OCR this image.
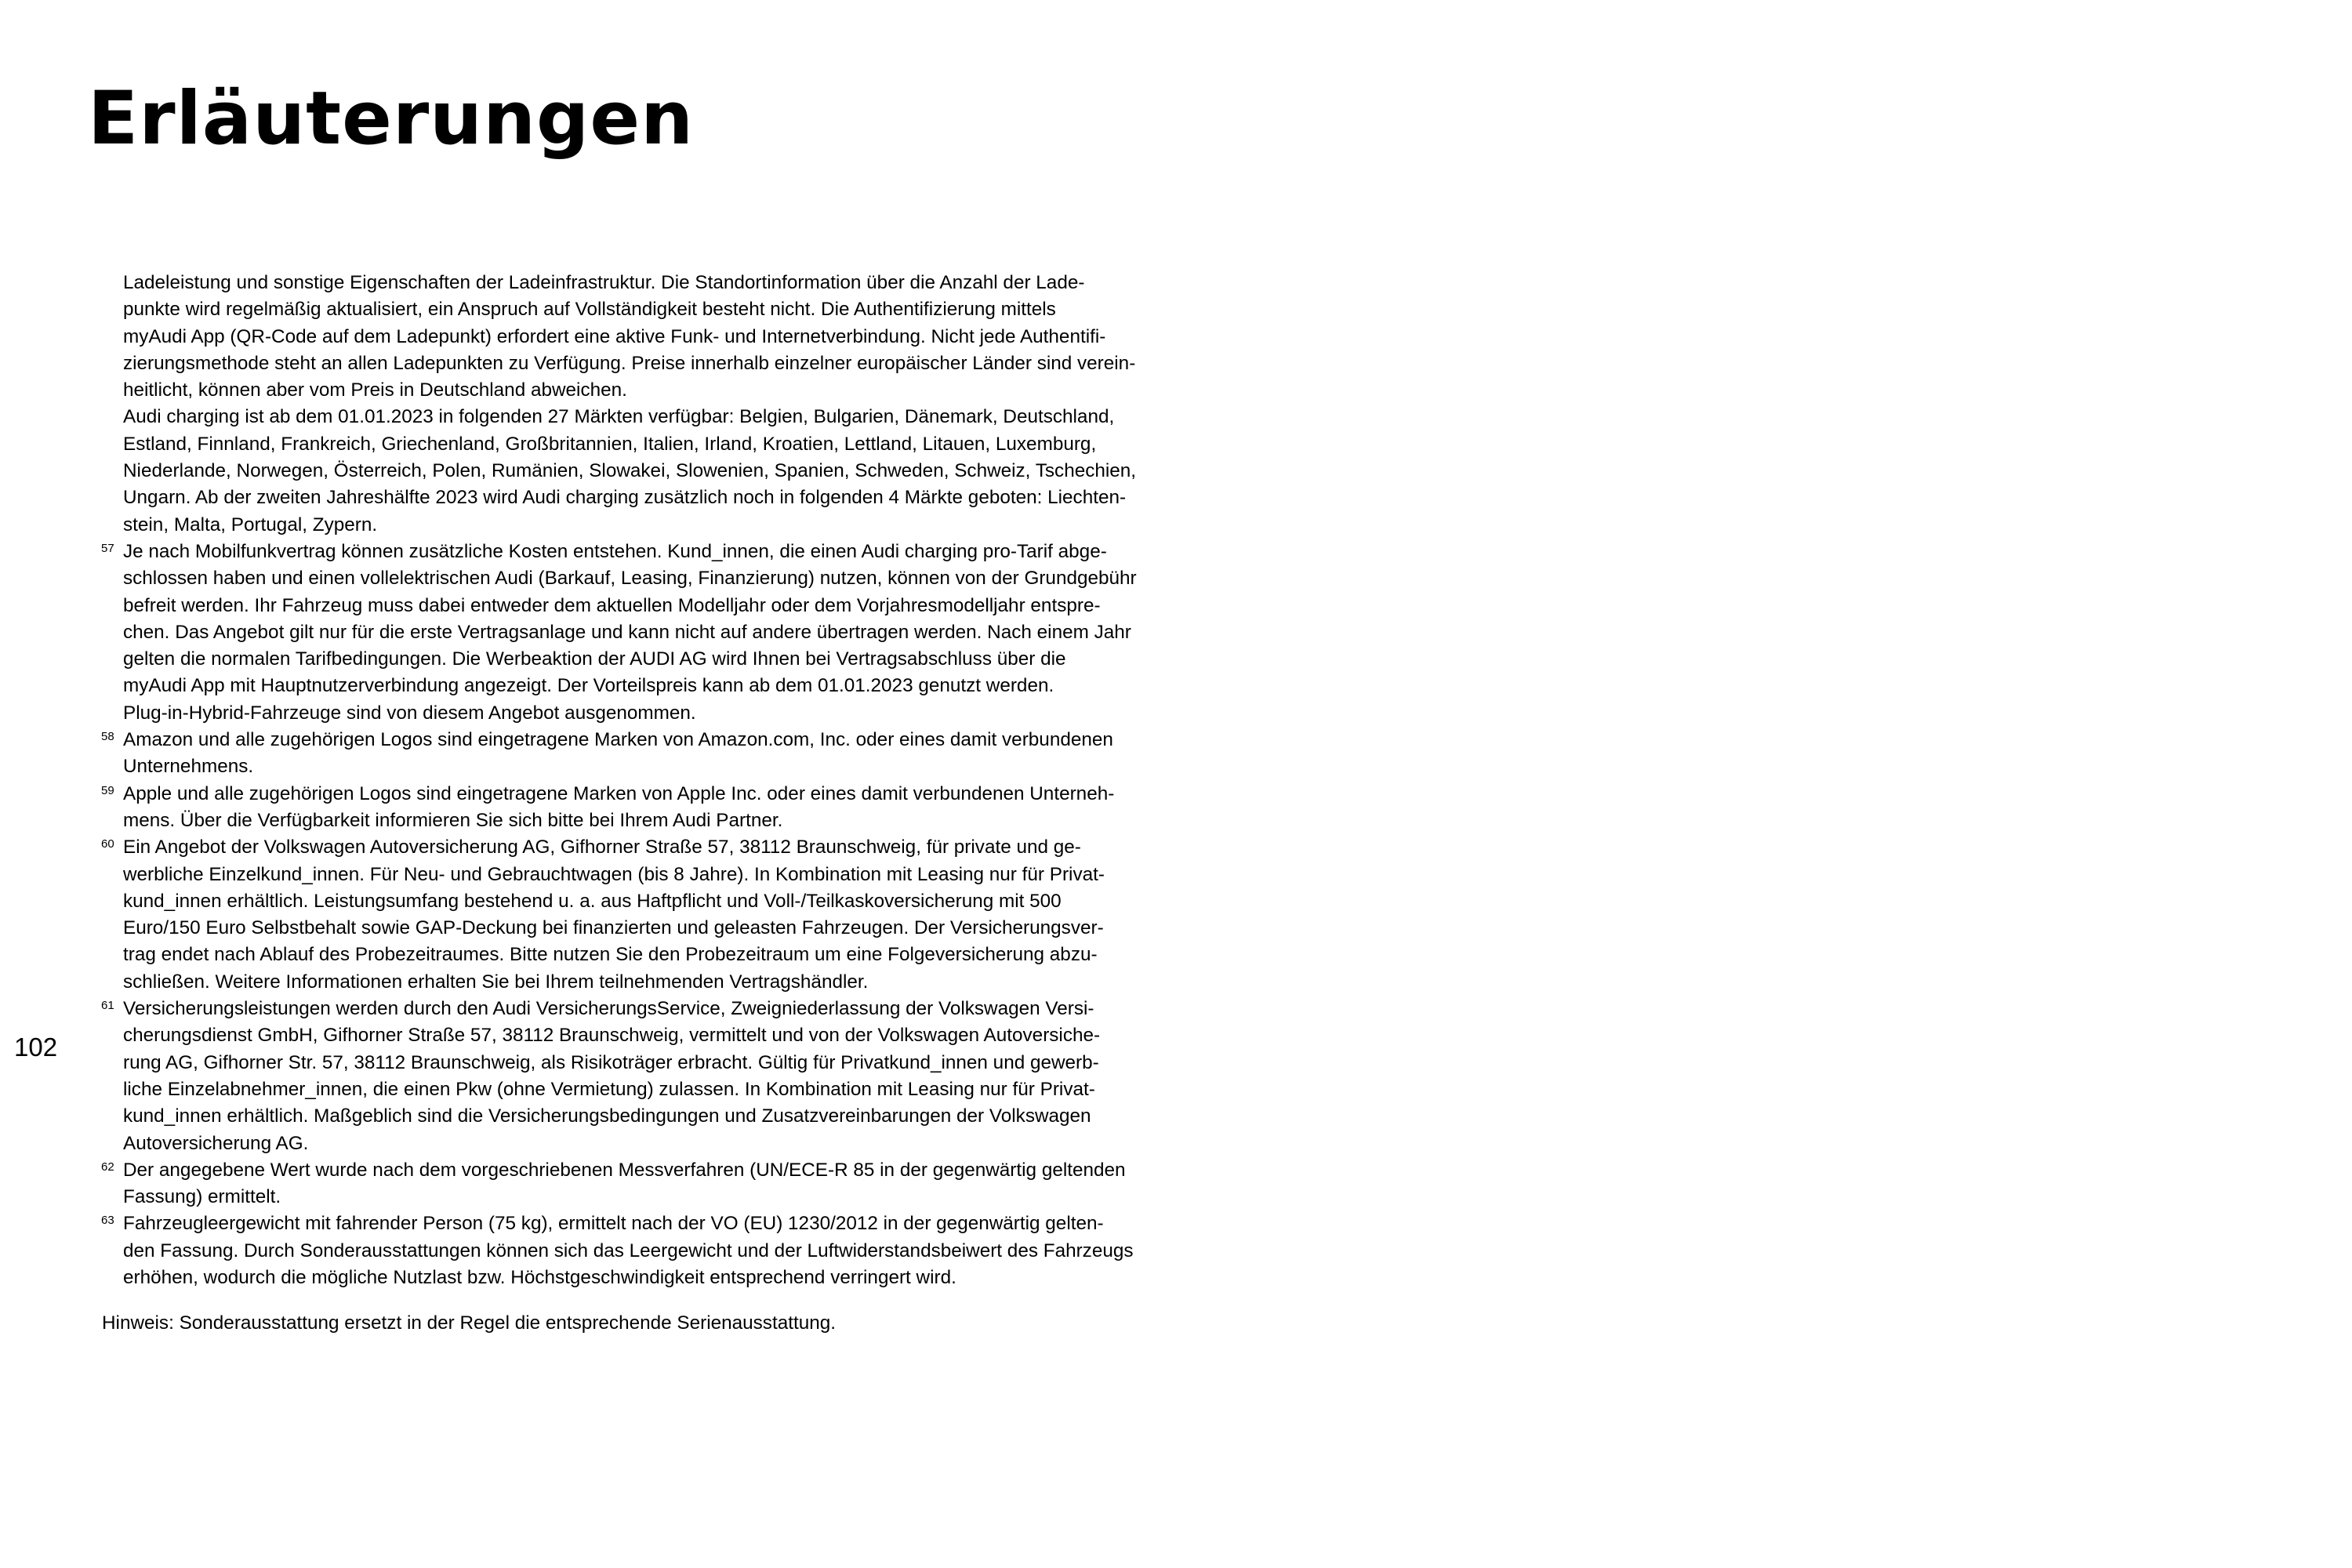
Erläuterungen
102
Ladeleistung und sonstige Eigenschaften der Ladeinfrastruktur. Die Standortinformation über die Anzahl der Lade-
punkte wird regelmäßig aktualisiert, ein Anspruch auf Vollständigkeit besteht nicht. Die Authentifizierung mittels
myAudi App (QR-Code auf dem Ladepunkt) erfordert eine aktive Funk- und Internetverbindung. Nicht jede Authentifi-
zierungsmethode steht an allen Ladepunkten zu Verfügung. Preise innerhalb einzelner europäischer Länder sind verein-
heitlicht, können aber vom Preis in Deutschland abweichen.
Audi charging ist ab dem 01.01.2023 in folgenden 27 Märkten verfügbar: Belgien, Bulgarien, Dänemark, Deutschland,
Estland, Finnland, Frankreich, Griechenland, Großbritannien, Italien, Irland, Kroatien, Lettland, Litauen, Luxemburg,
Niederlande, Norwegen, Österreich, Polen, Rumänien, Slowakei, Slowenien, Spanien, Schweden, Schweiz, Tschechien,
Ungarn. Ab der zweiten Jahreshälfte 2023 wird Audi charging zusätzlich noch in folgenden 4 Märkte geboten: Liechten-
stein, Malta, Portugal, Zypern.
57 Je nach Mobilfunkvertrag können zusätzliche Kosten entstehen. Kund_innen, die einen Audi charging pro-Tarif abge-
schlossen haben und einen vollelektrischen Audi (Barkauf, Leasing, Finanzierung) nutzen, können von der Grundgebühr
befreit werden. Ihr Fahrzeug muss dabei entweder dem aktuellen Modelljahr oder dem Vorjahresmodelljahr entspre-
chen. Das Angebot gilt nur für die erste Vertragsanlage und kann nicht auf andere übertragen werden. Nach einem Jahr
gelten die normalen Tarifbedingungen. Die Werbeaktion der AUDI AG wird Ihnen bei Vertragsabschluss über die
myAudi App mit Hauptnutzerverbindung angezeigt. Der Vorteilspreis kann ab dem 01.01.2023 genutzt werden.
Plug-in-Hybrid-Fahrzeuge sind von diesem Angebot ausgenommen.
58 Amazon und alle zugehörigen Logos sind eingetragene Marken von Amazon.com, Inc. oder eines damit verbundenen
Unternehmens.
59 Apple und alle zugehörigen Logos sind eingetragene Marken von Apple Inc. oder eines damit verbundenen Unterneh-
mens. Über die Verfügbarkeit informieren Sie sich bitte bei Ihrem Audi Partner.
60 Ein Angebot der Volkswagen Autoversicherung AG, Gifhorner Straße 57, 38112 Braunschweig, für private und ge-
werbliche Einzelkund_innen. Für Neu- und Gebrauchtwagen (bis 8 Jahre). In Kombination mit Leasing nur für Privat-
kund_innen erhältlich. Leistungsumfang bestehend u. a. aus Haftpflicht und Voll-/Teilkaskoversicherung mit 500
Euro/150 Euro Selbstbehalt sowie GAP-Deckung bei finanzierten und geleasten Fahrzeugen. Der Versicherungsver-
trag endet nach Ablauf des Probezeitraumes. Bitte nutzen Sie den Probezeitraum um eine Folgeversicherung abzu-
schließen. Weitere Informationen erhalten Sie bei Ihrem teilnehmenden Vertragshändler.
61 Versicherungsleistungen werden durch den Audi VersicherungsService, Zweigniederlassung der Volkswagen Versi-
cherungsdienst GmbH, Gifhorner Straße 57, 38112 Braunschweig, vermittelt und von der Volkswagen Autoversiche-
rung AG, Gifhorner Str. 57, 38112 Braunschweig, als Risikoträger erbracht. Gültig für Privatkund_innen und gewerb-
liche Einzelabnehmer_innen, die einen Pkw (ohne Vermietung) zulassen. In Kombination mit Leasing nur für Privat-
kund_innen erhältlich. Maßgeblich sind die Versicherungsbedingungen und Zusatzvereinbarungen der Volkswagen
Autoversicherung AG.
62 Der angegebene Wert wurde nach dem vorgeschriebenen Messverfahren (UN/ECE-R 85 in der gegenwärtig geltenden
Fassung) ermittelt.
63 Fahrzeugleergewicht mit fahrender Person (75 kg), ermittelt nach der VO (EU) 1230/2012 in der gegenwärtig gelten-
den Fassung. Durch Sonderausstattungen können sich das Leergewicht und der Luftwiderstandsbeiwert des Fahrzeugs
erhöhen, wodurch die mögliche Nutzlast bzw. Höchstgeschwindigkeit entsprechend verringert wird.
Hinweis: Sonderausstattung ersetzt in der Regel die entsprechende Serienausstattung.
